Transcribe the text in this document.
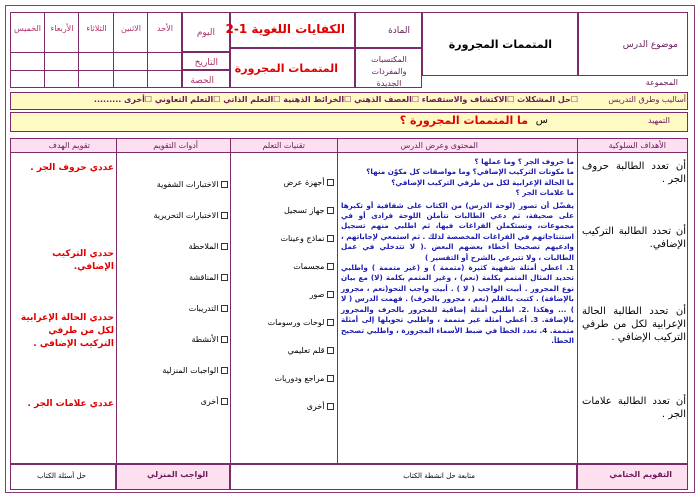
موضوع الدرس
المتممات المجرورة
المجموعة
المادة
المكتسبات والمفردات الجديدة
الكفايات اللغوية 1-2
المتممات المجرورة
اليوم
التاريخ
الحصة
أساليب وطرق التدريس
☐حل المشكلات ☐الاكتشاف والاستقصاء ☐العصف الذهني ☐الخرائط الذهنية ☐التعلم الذاتي ☐التعلم التعاوني ☐أخرى .........
التمهيد
س
ما المتممات المجرورة ؟
الأهداف السلوكية
المحتوى وعرض الدرس
تقنيات التعلم
أدوات التقويم
تقويم الهدف
أن تعدد الطالبة حروف الجر .
أن تحدد الطالبة التركيب الإضافي.
أن تحدد الطالبة الحالة الإعرابية لكل من طرفي التركيب الإضافي .
أن تعدد الطالبة علامات الجر .
ما حروف الجر ؟ وما عملها ؟
ما مكونات التركيب الإضافي؟ وما مواصفات كل مكوّن منها؟
ما الحالة الإعرابية لكل من طرفي التركيب الإضافي؟
ما علامات الجر ؟
يفضّل أن تصور (لوحة الدرس) من الكتاب على شفافية أو تكبرها على صحيفة، ثم دعي الطالبات تتأملن اللوحة فرادى أو في مجموعات، وتستكملن الفراغات فيها، ثم اطلبي منهم تسجيل استنتاجاتهم في الفراغات المخصصة لذلك . ثم استمعي لإجاباتهم ، وادعيهم تصحيحا أخطاء بعضهم البعض .( لا تتدخلي في عمل الطالبات ، ولا تتبرعي بالشرح أو التفسير )
1. اعطي أمثلة شفهية كثيرة (متممة ) و (غير متممة ) واطلبي تحديد المثال المتمم بكلمة (نعم) ، وغير المتمم بكلمة (لا) مع بيان نوع المجرور . أبيت الواجب ( لا ) . أبيت واجب النحو(نعم ، مجرور بالإضافة) . كتبت بالقلم (نعم ، مجرور بالحرف) . فهمت الدرس ( لا ) ... وهكذا .2. اطلبي أمثلة إضافية للمجرور بالحرف والمجرور بالإضافة. 3. أعطي أمثلة غير متممة ، واطلبي تحويلها إلى أمثلة متممة. 4. تعدد الخطأ في ضبط الأسماء المجرورة ، واطلبي تصحيح الخطأ.
أجهزة عرض
جهاز تسجيل
نماذج وعينات
مجسمات
صور
لوحات ورسومات
قلم تعليمي
مراجع ودوريات
أخرى
الاختبارات الشفوية
الاختبارات التحريرية
الملاحظة
المناقشة
التدريبات
الأنشطة
الواجبات المنزلية
أخرى
عددي حروف الجر .
حددي التركيب الإضافي.
حددي الحالة الإعرابية لكل من طرفي التركيب الإضافي .
عددي علامات الجر .
التقويم الختامي
متابعة حل انشطة الكتاب
الواجب المنزلي
حل أسئلة الكتاب
